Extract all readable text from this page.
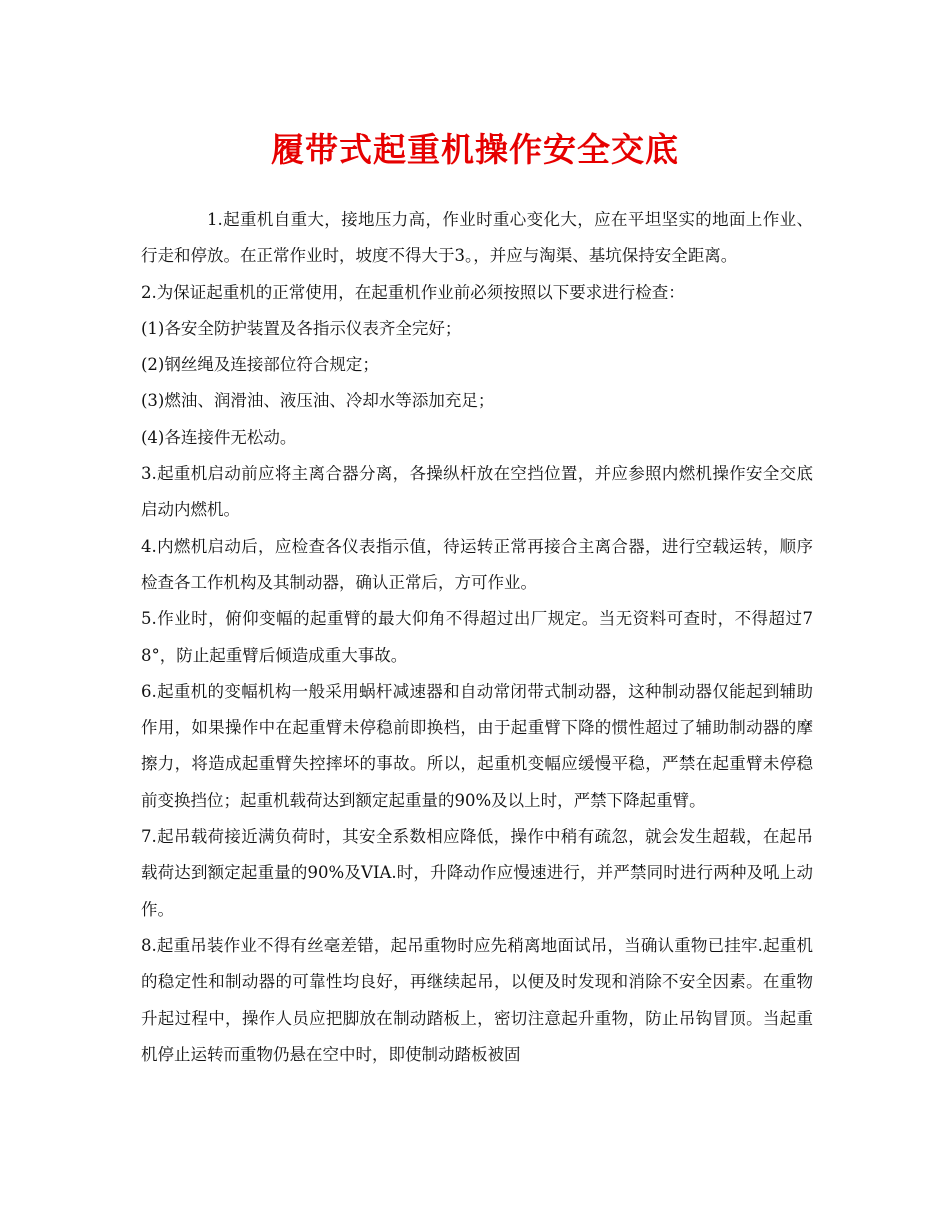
履带式起重机操作安全交底

1.起重机自重大，接地压力高，作业时重心变化大，应在平坦坚实的地面上作业、行走和停放。在正常作业时，坡度不得大于3。，并应与淘渠、基坑保持安全距离。

2.为保证起重机的正常使用，在起重机作业前必须按照以下要求进行检查：

(1)各安全防护装置及各指示仪表齐全完好；

(2)钢丝绳及连接部位符合规定；

(3)燃油、润滑油、液压油、冷却水等添加充足；

(4)各连接件无松动。

3.起重机启动前应将主离合器分离，各操纵杆放在空挡位置，并应参照内燃机操作安全交底启动内燃机。

4.内燃机启动后，应检查各仪表指示值，待运转正常再接合主离合器，进行空载运转，顺序检查各工作机构及其制动器，确认正常后，方可作业。

5.作业时，俯仰变幅的起重臂的最大仰角不得超过出厂规定。当无资料可查时，不得超过78°，防止起重臂后倾造成重大事故。

6.起重机的变幅机构一般采用蜗杆减速器和自动常闭带式制动器，这种制动器仅能起到辅助作用，如果操作中在起重臂未停稳前即换档，由于起重臂下降的惯性超过了辅助制动器的摩擦力，将造成起重臂失控摔坏的事故。所以，起重机变幅应缓慢平稳，严禁在起重臂未停稳前变换挡位；起重机载荷达到额定起重量的90%及以上时，严禁下降起重臂。

7.起吊载荷接近满负荷时，其安全系数相应降低，操作中稍有疏忽，就会发生超载，在起吊载荷达到额定起重量的90%及VIA.时，升降动作应慢速进行，并严禁同时进行两种及吼上动作。

8.起重吊装作业不得有丝毫差错，起吊重物时应先稍离地面试吊，当确认重物已挂牢.起重机的稳定性和制动器的可靠性均良好，再继续起吊，以便及时发现和消除不安全因素。在重物升起过程中，操作人员应把脚放在制动踏板上，密切注意起升重物，防止吊钩冒顶。当起重机停止运转而重物仍悬在空中时，即使制动踏板被固
